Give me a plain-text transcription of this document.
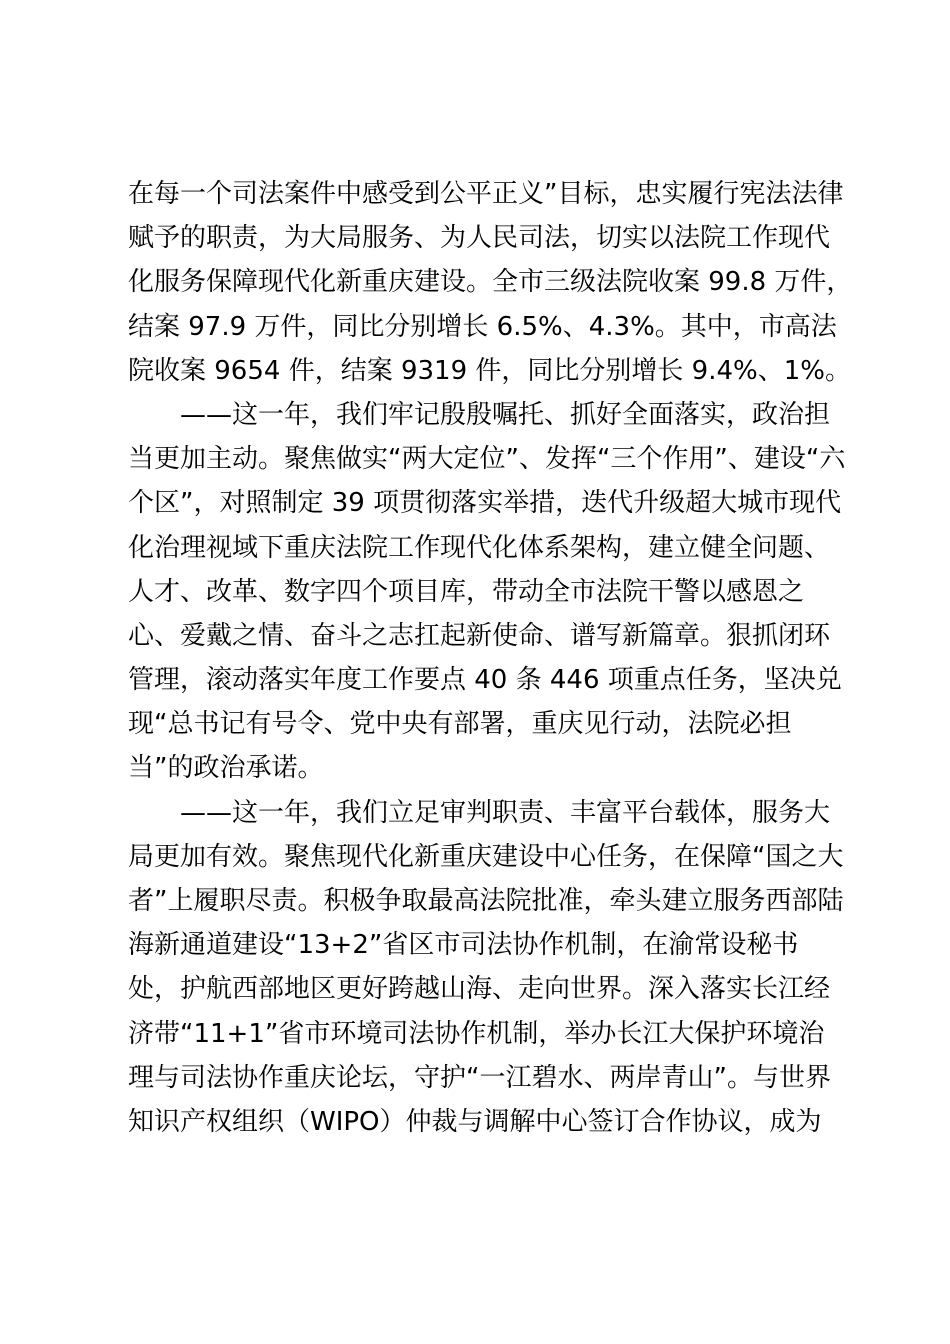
在每一个司法案件中感受到公平正义”目标，忠实履行宪法法律
赋予的职责，为大局服务、为人民司法，切实以法院工作现代
化服务保障现代化新重庆建设。全市三级法院收案 99.8 万件，
结案 97.9 万件，同比分别增长 6.5%、4.3%。其中，市高法
院收案 9654 件，结案 9319 件，同比分别增长 9.4%、1%。
——这一年，我们牢记殷殷嘱托、抓好全面落实，政治担
当更加主动。聚焦做实“两大定位”、发挥“三个作用”、建设“六
个区”，对照制定 39 项贯彻落实举措，迭代升级超大城市现代
化治理视域下重庆法院工作现代化体系架构，建立健全问题、
人才、改革、数字四个项目库，带动全市法院干警以感恩之
心、爱戴之情、奋斗之志扛起新使命、谱写新篇章。狠抓闭环
管理，滚动落实年度工作要点 40 条 446 项重点任务，坚决兑
现“总书记有号令、党中央有部署，重庆见行动，法院必担
当”的政治承诺。
——这一年，我们立足审判职责、丰富平台载体，服务大
局更加有效。聚焦现代化新重庆建设中心任务，在保障“国之大
者”上履职尽责。积极争取最高法院批准，牵头建立服务西部陆
海新通道建设“13+2”省区市司法协作机制，在渝常设秘书
处，护航西部地区更好跨越山海、走向世界。深入落实长江经
济带“11+1”省市环境司法协作机制，举办长江大保护环境治
理与司法协作重庆论坛，守护“一江碧水、两岸青山”。与世界
知识产权组织（WIPO）仲裁与调解中心签订合作协议，成为
